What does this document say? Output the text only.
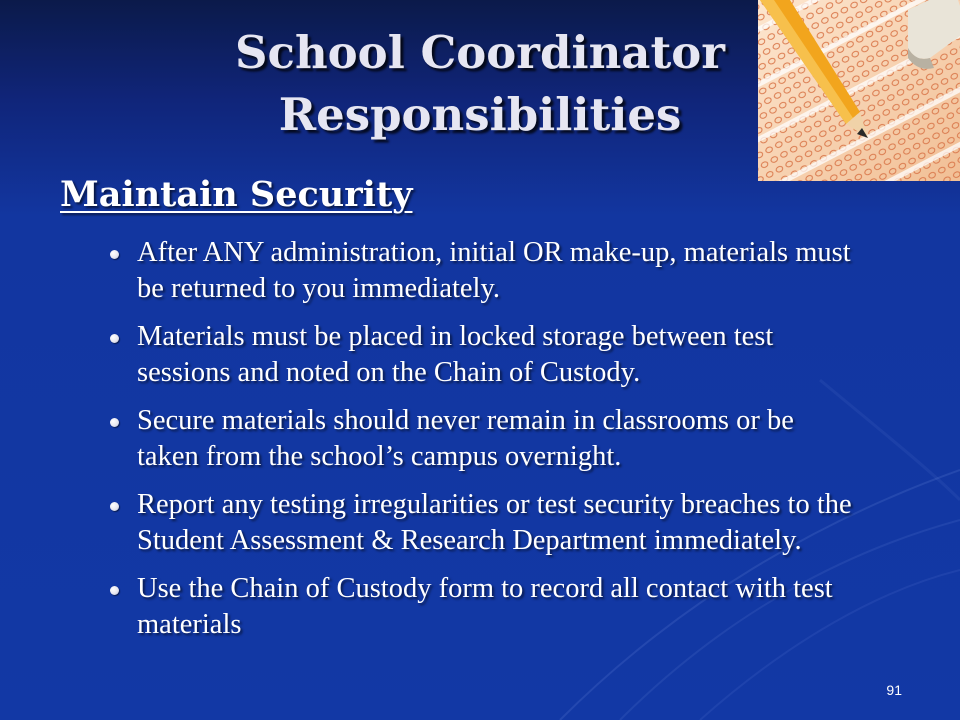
School Coordinator
Responsibilities
Maintain Security
After ANY administration, initial OR make-up, materials must be returned to you immediately.
Materials must be placed in locked storage between test sessions and noted on the Chain of Custody.
Secure materials should never remain in classrooms or be taken from the school’s campus overnight.
Report any testing irregularities or test security breaches to the Student Assessment & Research Department immediately.
Use the Chain of Custody form to record all contact with test materials
91
